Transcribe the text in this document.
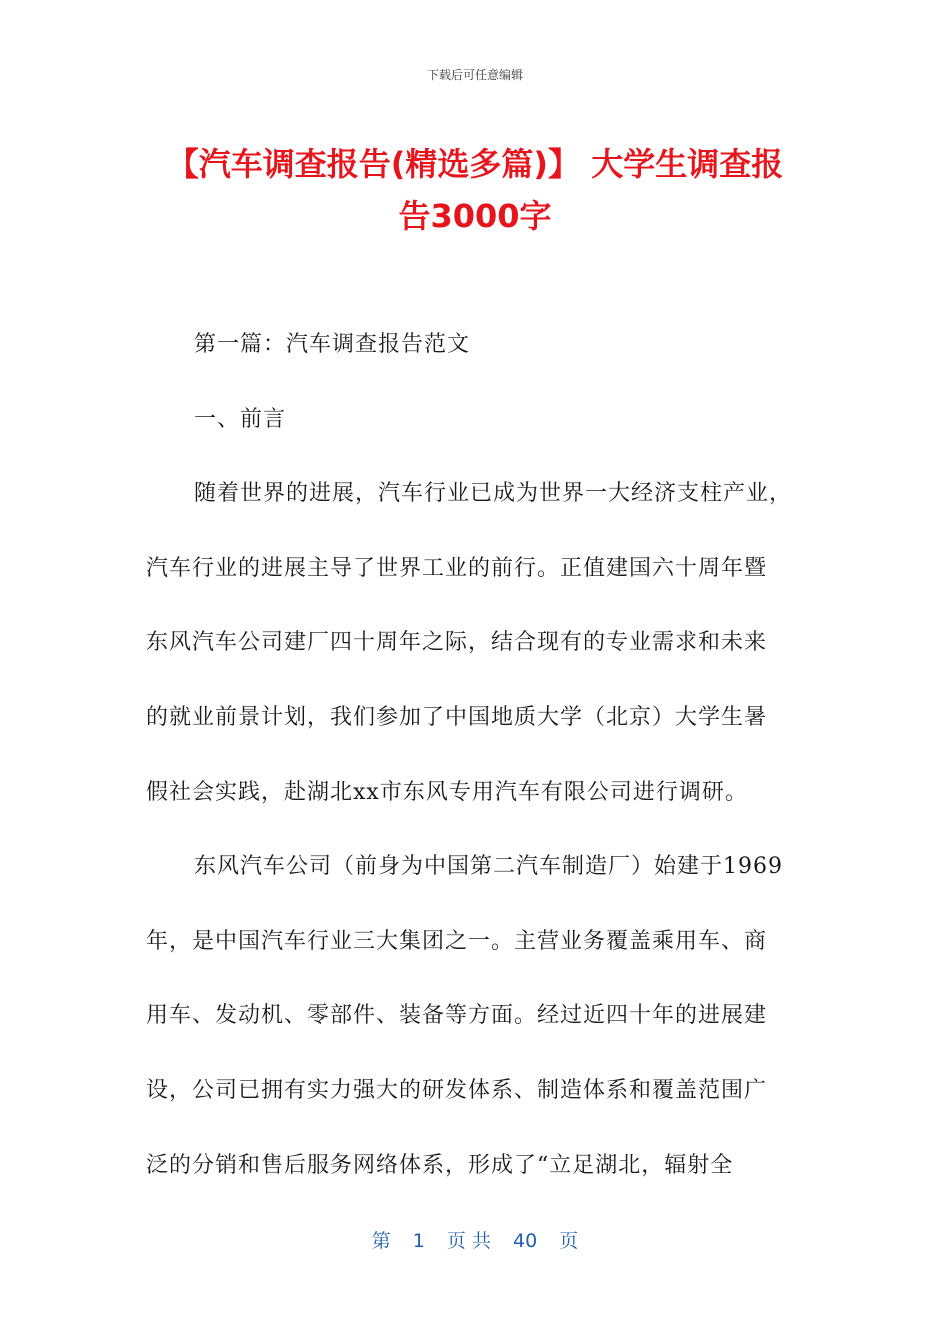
下载后可任意编辑
【汽车调查报告(精选多篇)】 大学生调查报
告3000字
第一篇：汽车调查报告范文
一、前言
随着世界的进展，汽车行业已成为世界一大经济支柱产业，
汽车行业的进展主导了世界工业的前行。正值建国六十周年暨
东风汽车公司建厂四十周年之际，结合现有的专业需求和未来
的就业前景计划，我们参加了中国地质大学（北京）大学生暑
假社会实践，赴湖北xx市东风专用汽车有限公司进行调研。
东风汽车公司（前身为中国第二汽车制造厂）始建于1969
年，是中国汽车行业三大集团之一。主营业务覆盖乘用车、商
用车、发动机、零部件、装备等方面。经过近四十年的进展建
设，公司已拥有实力强大的研发体系、制造体系和覆盖范围广
泛的分销和售后服务网络体系，形成了“立足湖北，辐射全
第 1 页 共 40 页
